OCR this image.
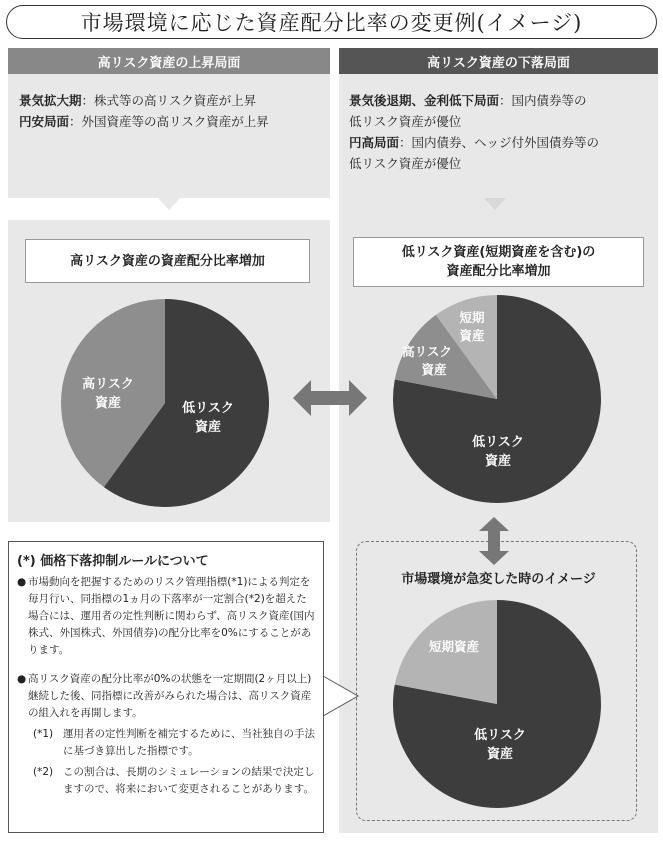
市場環境に応じた資産配分比率の変更例(イメージ)
高リスク資産の上昇局面	高リスク資産の下落局面
景気拡大期：株式等の高リスク資産が上昇
円安局面：外国資産等の高リスク資産が上昇
景気後退期、金利低下局面：国内債券等の
低リスク資産が優位
円高局面：国内債券、ヘッジ付外国債券等の
低リスク資産が優位
高リスク資産の資産配分比率増加
低リスク資産(短期資産を含む)の
資産配分比率増加
高リスク
資産	低リスク
資産
短期
資産
高リスク
資産
低リスク
資産
市場環境が急変した時のイメージ
短期資産
低リスク
資産
(*) 価格下落抑制ルールについて
● 市場動向を把握するためのリスク管理指標(*1)による判定を毎月行い、同指標の1ヵ月の下落率が一定割合(*2)を超えた場合には、運用者の定性判断に関わらず、高リスク資産(国内株式、外国株式、外国債券)の配分比率を0%にすることがあります。
● 高リスク資産の配分比率が0%の状態を一定期間(2ヶ月以上)継続した後、同指標に改善がみられた場合は、高リスク資産の組入れを再開します。
(*1) 運用者の定性判断を補完するために、当社独自の手法に基づき算出した指標です。
(*2) この割合は、長期のシミュレーションの結果で決定しますので、将来において変更されることがあります。
